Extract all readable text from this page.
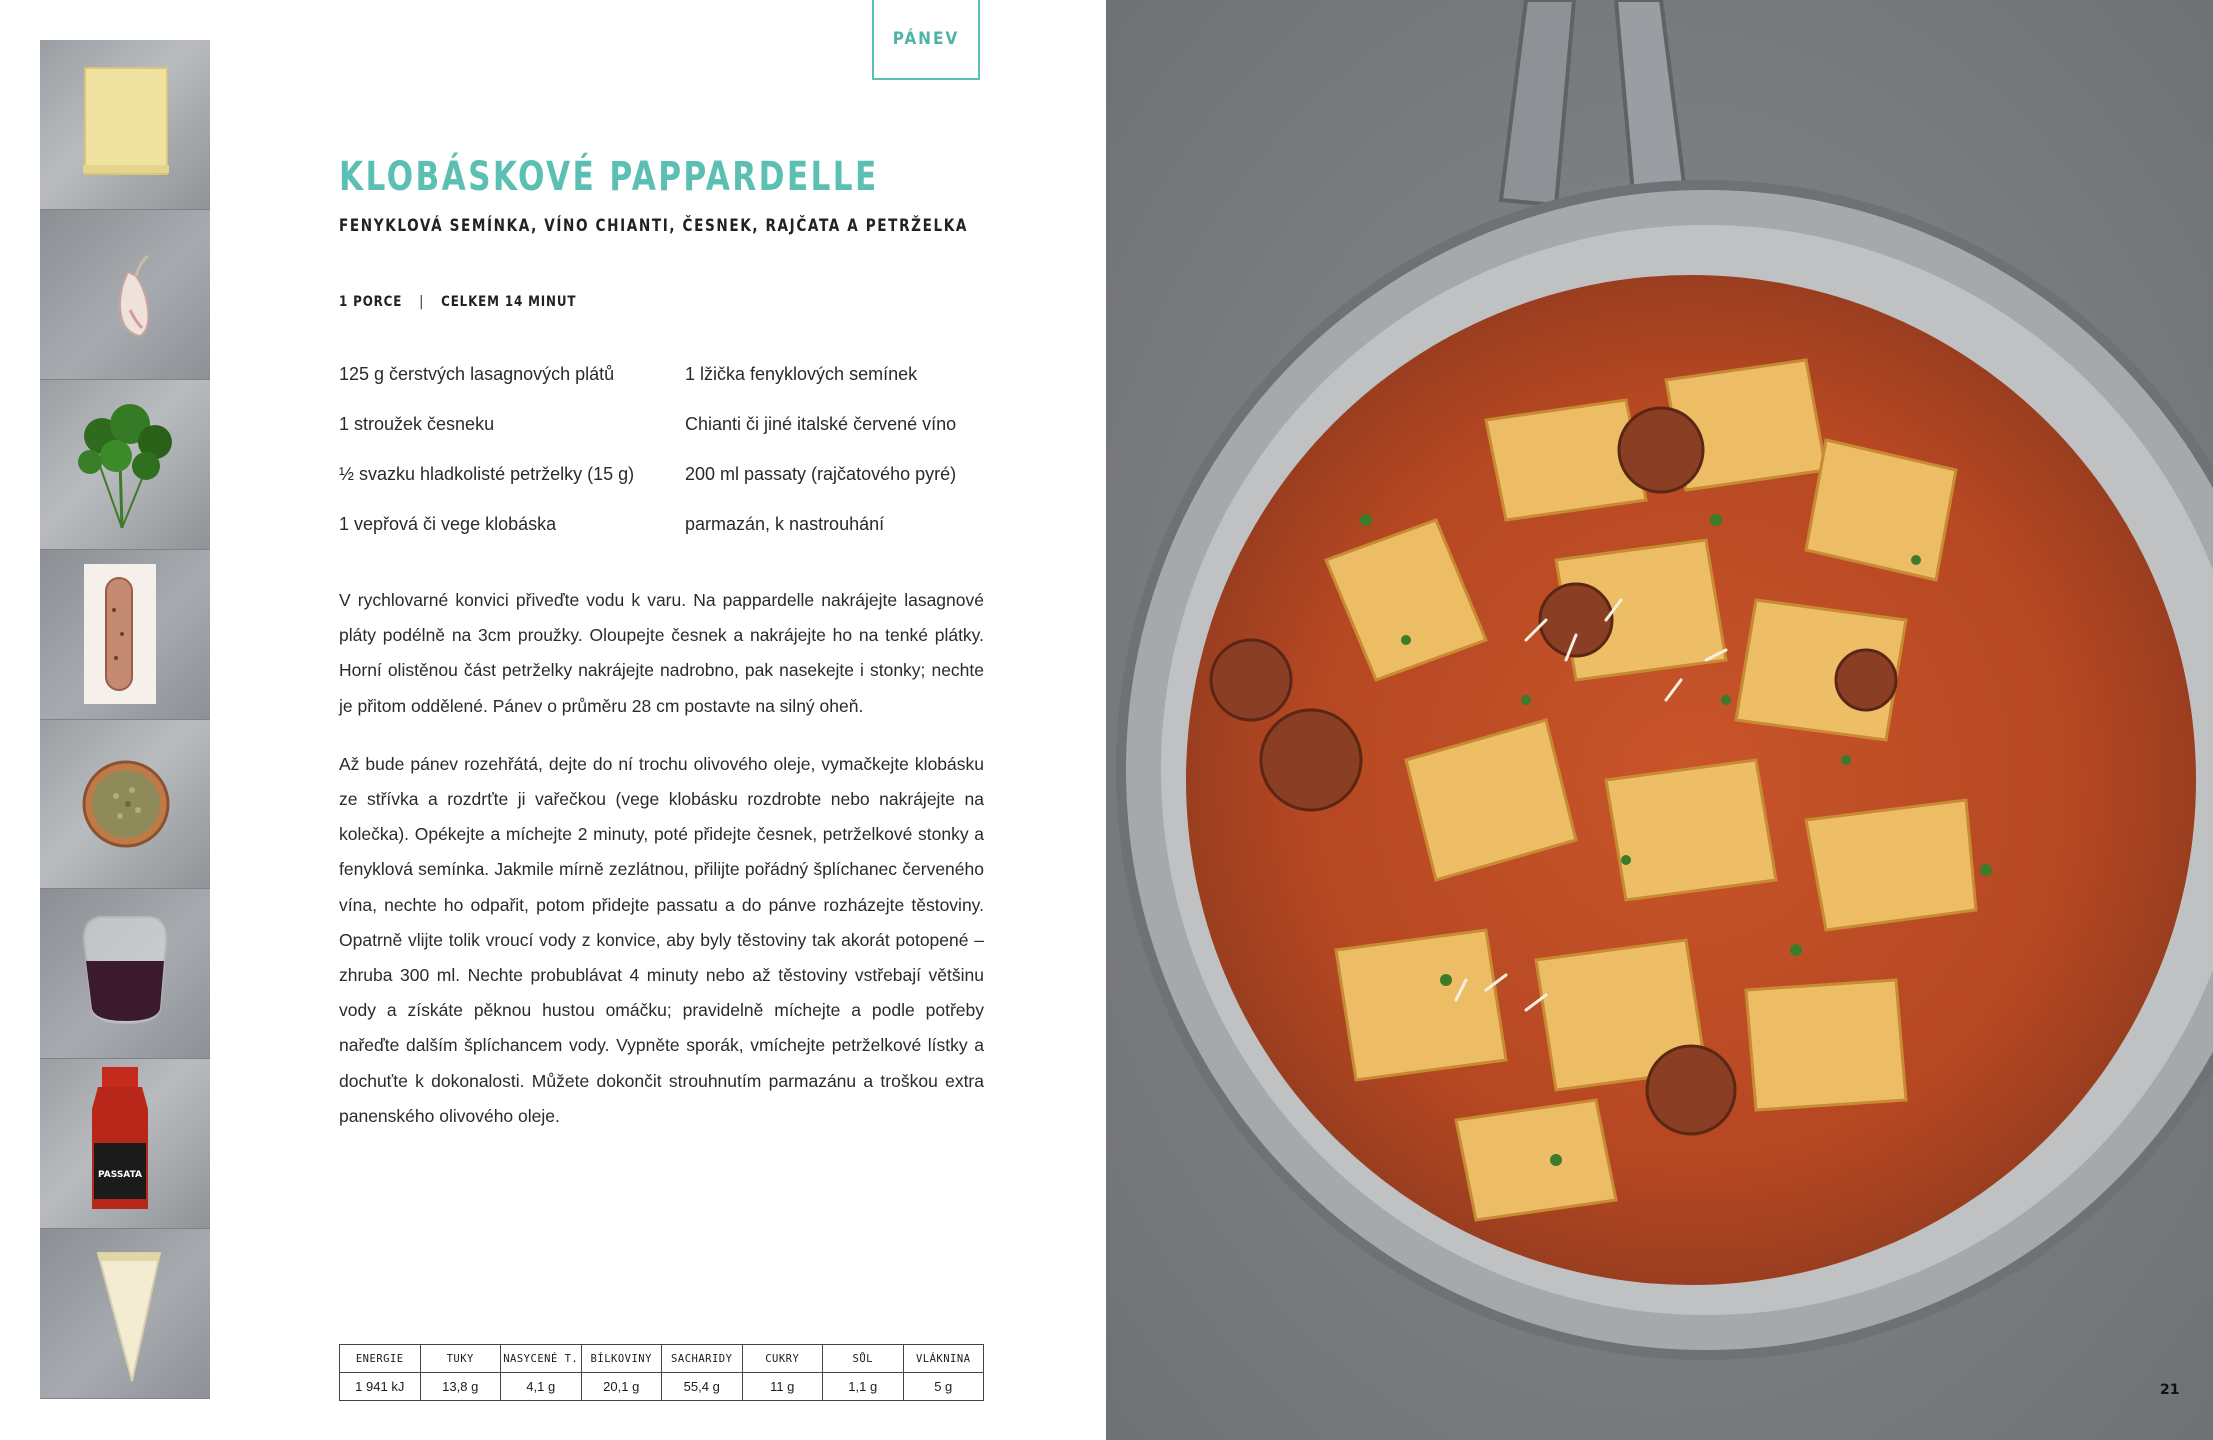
PASSATA
PÁNEV
KLOBÁSKOVÉ PAPPARDELLE
FENYKLOVÁ SEMÍNKA, VÍNO CHIANTI, ČESNEK, RAJČATA A PETRŽELKA
1 PORCE | CELKEM 14 MINUT
125 g čerstvých lasagnových plátů	1 lžička fenyklových semínek
1 stroužek česneku	Chianti či jiné italské červené víno
½ svazku hladkolisté petrželky (15 g)	200 ml passaty (rajčatového pyré)
1 vepřová či vege klobáska	parmazán, k nastrouhání

V rychlovarné konvici přiveďte vodu k varu. Na pappardelle nakrájejte lasagnové pláty podélně na 3cm proužky. Oloupejte česnek a nakrájejte ho na tenké plátky. Horní olistěnou část petrželky nakrájejte nadrobno, pak nasekejte i stonky; nechte je přitom oddělené. Pánev o průměru 28 cm postavte na silný oheň.

Až bude pánev rozehřátá, dejte do ní trochu olivového oleje, vymačkejte klobásku ze střívka a rozdrťte ji vařečkou (vege klobásku rozdrobte nebo nakrájejte na kolečka). Opékejte a míchejte 2 minuty, poté přidejte česnek, petrželkové stonky a fenyklová semínka. Jakmile mírně zezlátnou, přilijte pořádný šplíchanec červeného vína, nechte ho odpařit, potom přidejte passatu a do pánve rozházejte těstoviny. Opatrně vlijte tolik vroucí vody z konvice, aby byly těstoviny tak akorát potopené – zhruba 300 ml. Nechte probublávat 4 minuty nebo až těstoviny vstřebají většinu vody a získáte pěknou hustou omáčku; pravidelně míchejte a podle potřeby nařeďte dalším šplíchancem vody. Vypněte sporák, vmíchejte petrželkové lístky a dochuťte k dokonalosti. Můžete dokončit strouhnutím parmazánu a troškou extra panenského olivového oleje.

ENERGIE	TUKY	NASYCENÉ T.	BÍLKOVINY	SACHARIDY	CUKRY	SŮL	VLÁKNINA
1 941 kJ	13,8 g	4,1 g	20,1 g	55,4 g	11 g	1,1 g	5 g	21
